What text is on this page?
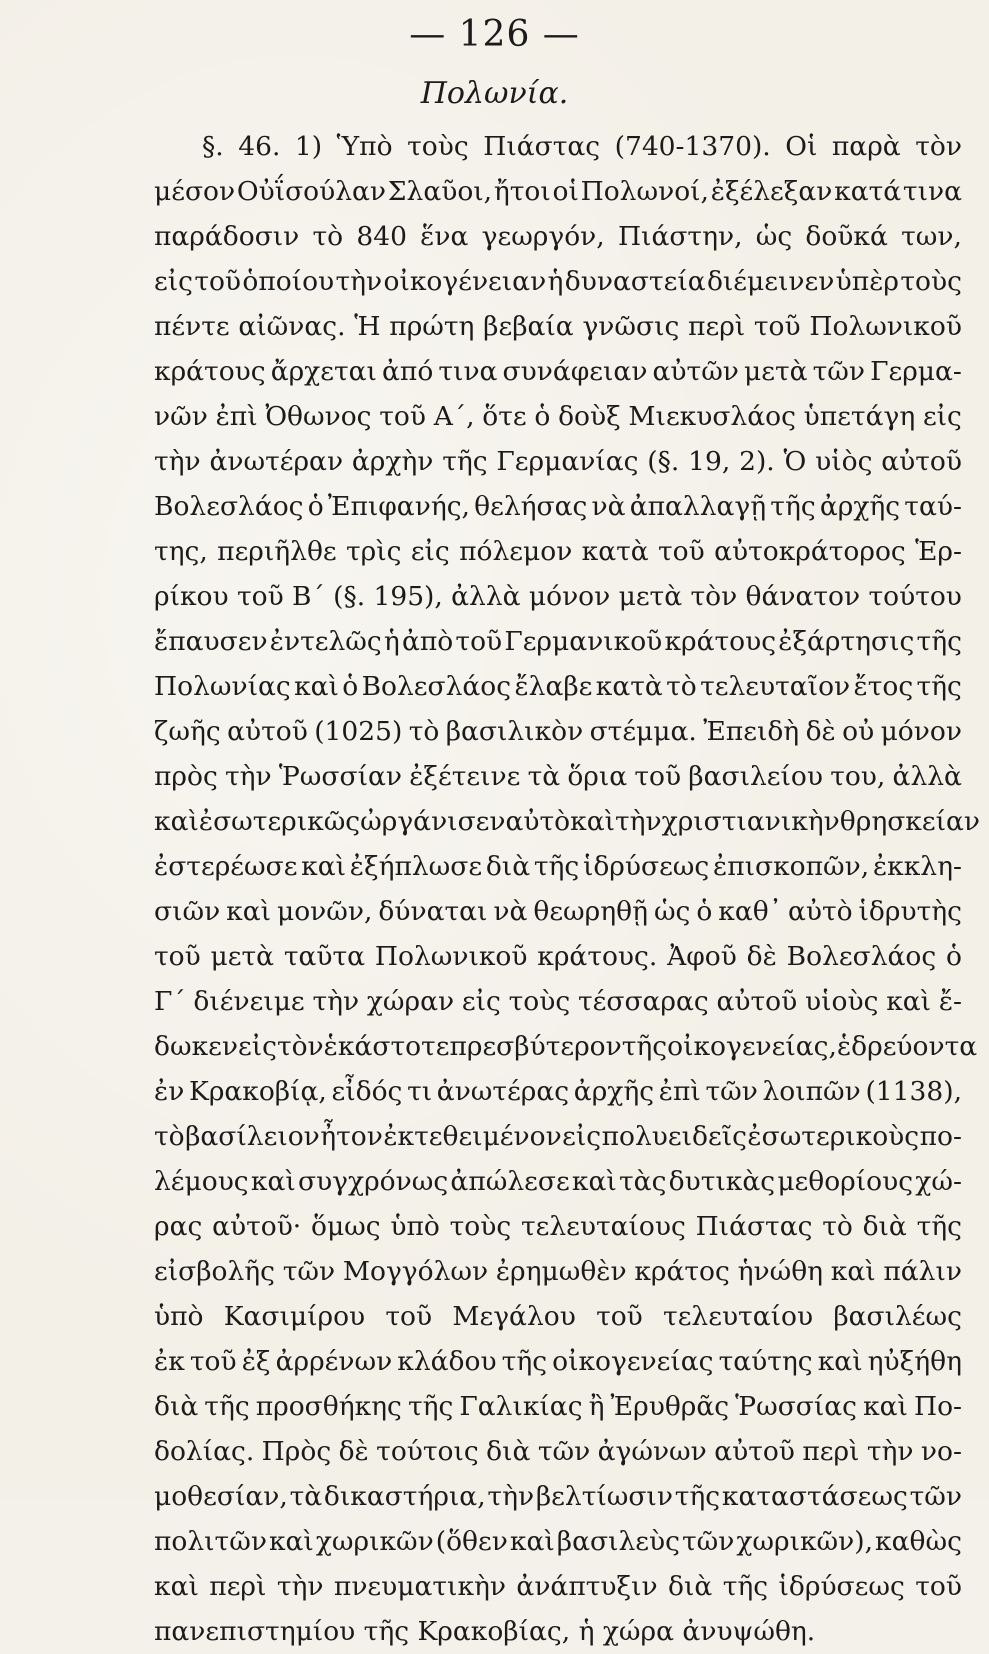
— 126 —
Πολωνία.
§. 46. 1) Ὑπὸ τοὺς Πιάστας (740-1370). Οἱ παρὰ τὸν
μέσον Οὐΐσούλαν Σλαῦοι, ἤτοι οἱ Πολωνοί, ἐξέλεξαν κατά τινα
παράδοσιν τὸ 840 ἕνα γεωργόν, Πιάστην, ὡς δοῦκά των,
εἰς τοῦ ὁποίου τὴν οἰκογένειαν ἡ δυναστεία διέμεινεν ὑπὲρ τοὺς
πέντε αἰῶνας. Ἡ πρώτη βεβαία γνῶσις περὶ τοῦ Πολωνικοῦ
κράτους ἄρχεται ἀπό τινα συνάφειαν αὐτῶν μετὰ τῶν Γερμα-
νῶν ἐπὶ Ὀθωνος τοῦ Α΄, ὅτε ὁ δοὺξ Μιεκυσλάος ὑπετάγη εἰς
τὴν ἀνωτέραν ἀρχὴν τῆς Γερμανίας (§. 19, 2). Ὁ υἱὸς αὐτοῦ
Βολεσλάος ὁ Ἐπιφανής, θελήσας νὰ ἀπαλλαγῇ τῆς ἀρχῆς ταύ-
της, περιῆλθε τρὶς εἰς πόλεμον κατὰ τοῦ αὐτοκράτορος Ἑρ-
ρίκου τοῦ Β΄ (§. 195), ἀλλὰ μόνον μετὰ τὸν θάνατον τούτου
ἔπαυσεν ἐντελῶς ἡ ἀπὸ τοῦ Γερμανικοῦ κράτους ἐξάρτησις τῆς
Πολωνίας καὶ ὁ Βολεσλάος ἔλαβε κατὰ τὸ τελευταῖον ἔτος τῆς
ζωῆς αὐτοῦ (1025) τὸ βασιλικὸν στέμμα. Ἐπειδὴ δὲ οὐ μόνον
πρὸς τὴν Ῥωσσίαν ἐξέτεινε τὰ ὅρια τοῦ βασιλείου του, ἀλλὰ
καὶ ἐσωτερικῶς ὠργάνισεν αὐτὸ καὶ τὴν χριστιανικὴν θρησκείαν
ἐστερέωσε καὶ ἐξήπλωσε διὰ τῆς ἱδρύσεως ἐπισκοπῶν, ἐκκλη-
σιῶν καὶ μονῶν, δύναται νὰ θεωρηθῇ ὡς ὁ καθ᾽ αὐτὸ ἱδρυτὴς
τοῦ μετὰ ταῦτα Πολωνικοῦ κράτους. Ἀφοῦ δὲ Βολεσλάος ὁ
Γ΄ διένειμε τὴν χώραν εἰς τοὺς τέσσαρας αὐτοῦ υἱοὺς καὶ ἔ-
δωκεν εἰς τὸν ἑκάστοτε πρεσβύτερον τῆς οἰκογενείας, ἑδρεύοντα
ἐν Κρακοβίᾳ, εἶδός τι ἀνωτέρας ἀρχῆς ἐπὶ τῶν λοιπῶν (1138),
τὸ βασίλειον ἦτον ἐκτεθειμένον εἰς πολυειδεῖς ἐσωτερικοὺς πο-
λέμους καὶ συγχρόνως ἀπώλεσε καὶ τὰς δυτικὰς μεθορίους χώ-
ρας αὐτοῦ· ὅμως ὑπὸ τοὺς τελευταίους Πιάστας τὸ διὰ τῆς
εἰσβολῆς τῶν Μογγόλων ἐρημωθὲν κράτος ἡνώθη καὶ πάλιν
ὑπὸ Κασιμίρου τοῦ Μεγάλου τοῦ τελευταίου βασιλέως
ἐκ τοῦ ἐξ ἀρρένων κλάδου τῆς οἰκογενείας ταύτης καὶ ηὐξήθη
διὰ τῆς προσθήκης τῆς Γαλικίας ἢ Ἐρυθρᾶς Ῥωσσίας καὶ Πο-
δολίας. Πρὸς δὲ τούτοις διὰ τῶν ἀγώνων αὐτοῦ περὶ τὴν νο-
μοθεσίαν, τὰ δικαστήρια, τὴν βελτίωσιν τῆς καταστάσεως τῶν
πολιτῶν καὶ χωρικῶν (ὅθεν καὶ βασιλεὺς τῶν χωρικῶν), καθὼς
καὶ περὶ τὴν πνευματικὴν ἀνάπτυξιν διὰ τῆς ἱδρύσεως τοῦ
πανεπιστημίου τῆς Κρακοβίας, ἡ χώρα ἀνυψώθη.
